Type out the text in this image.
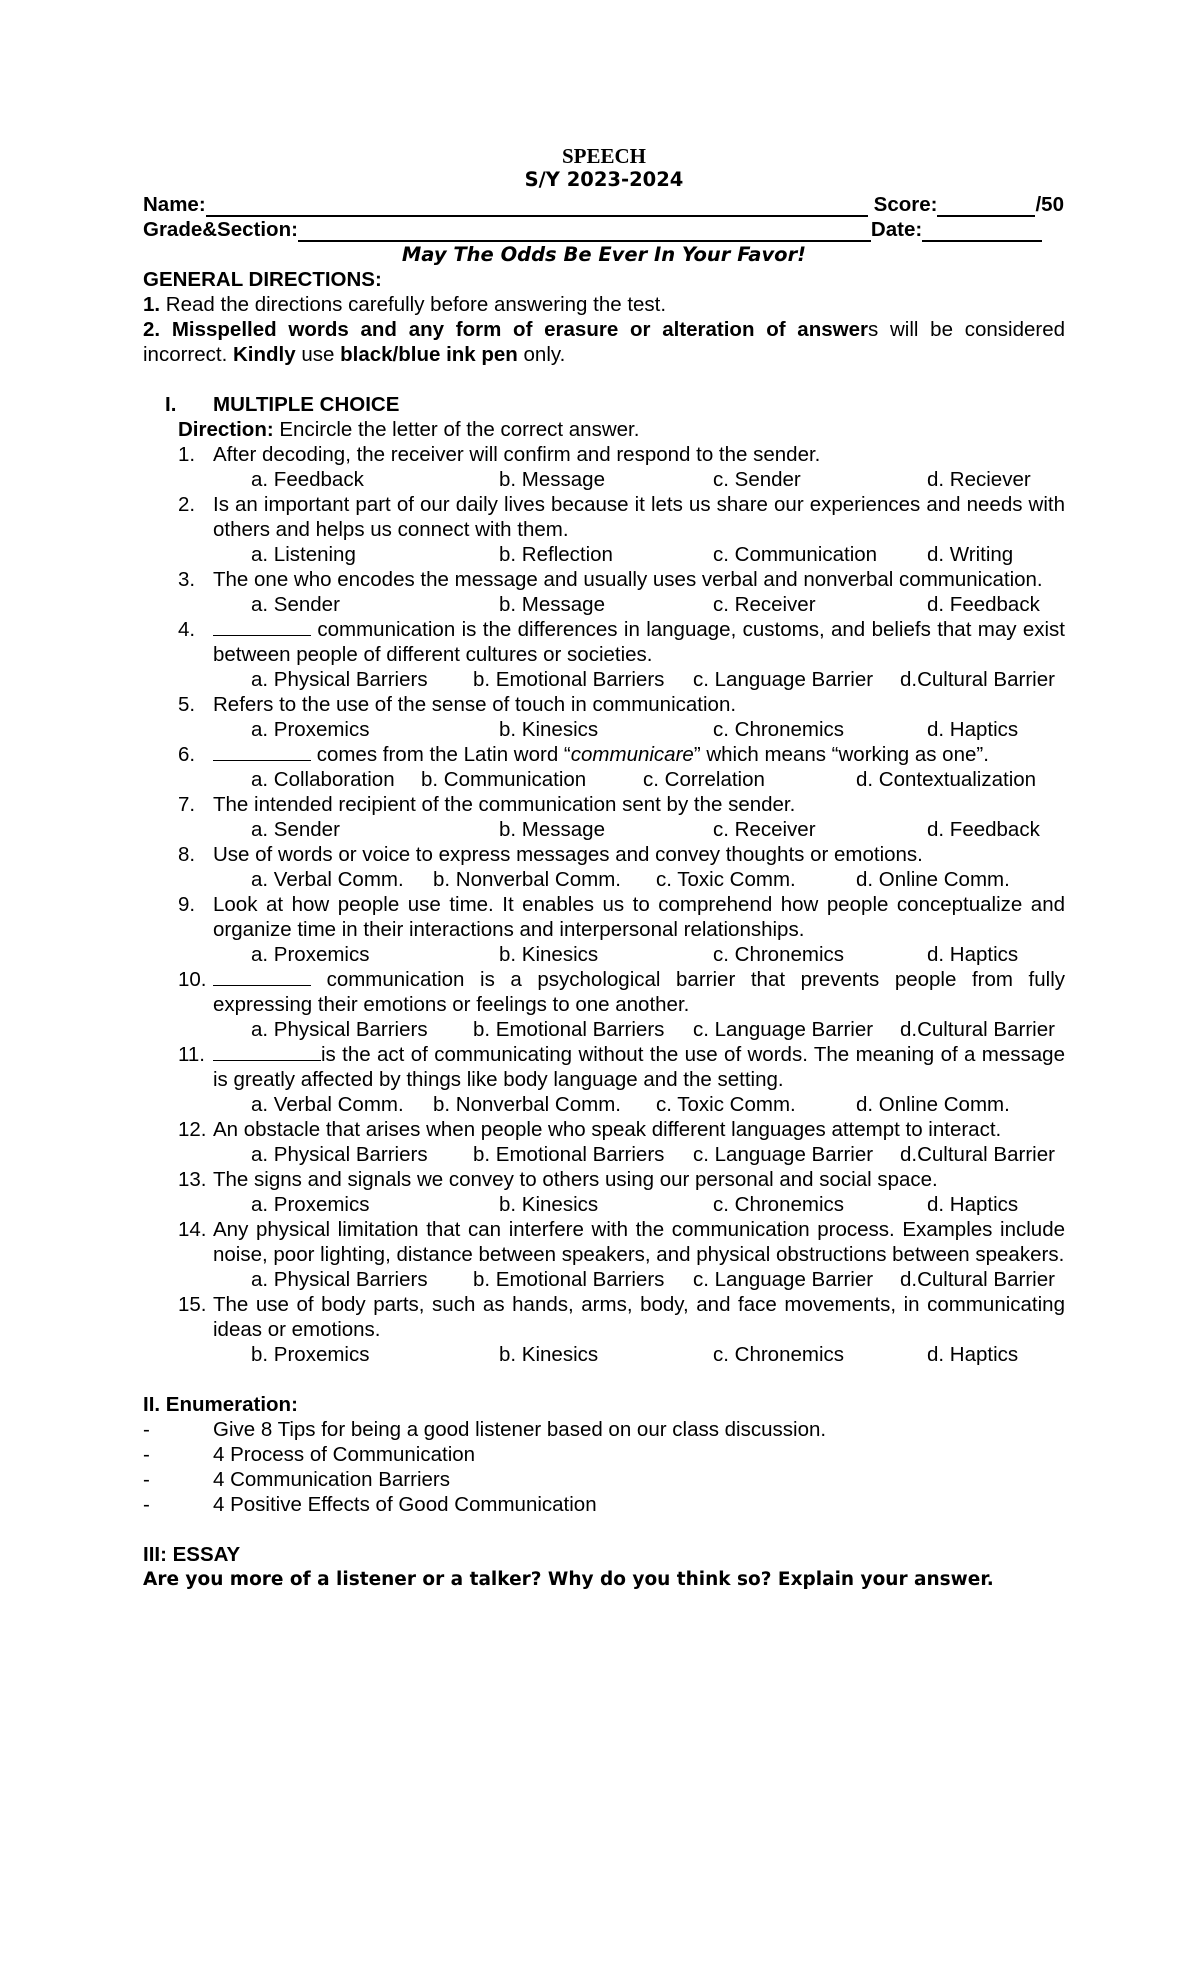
SPEECH
S/Y 2023-2024
Name:	Score:	/50
Grade&Section:	Date:
May The Odds Be Ever In Your Favor!
GENERAL DIRECTIONS:
1. Read the directions carefully before answering the test.
2. Misspelled words and any form of erasure or alteration of answers will be considered incorrect. Kindly use black/blue ink pen only.
I.	MULTIPLE CHOICE
Direction: Encircle the letter of the correct answer.
1. After decoding, the receiver will confirm and respond to the sender.
a. Feedback	b. Message	c. Sender	d. Reciever
2. Is an important part of our daily lives because it lets us share our experiences and needs with others and helps us connect with them.
a. Listening	b. Reflection	c. Communication d. Writing
3. The one who encodes the message and usually uses verbal and nonverbal communication.
a. Sender	b. Message	c. Receiver	d. Feedback
4.	communication is the differences in language, customs, and beliefs that may exist between people of different cultures or societies.
a. Physical Barriers b. Emotional Barriers c. Language Barrier d.Cultural Barrier
5. Refers to the use of the sense of touch in communication.
a. Proxemics	b. Kinesics	c. Chronemics	d. Haptics
6.	comes from the Latin word “communicare” which means “working as one”.
a. Collaboration b. Communication	c. Correlation	d. Contextualization
7. The intended recipient of the communication sent by the sender.
a. Sender	b. Message	c. Receiver	d. Feedback
8. Use of words or voice to express messages and convey thoughts or emotions.
a. Verbal Comm. b. Nonverbal Comm. c. Toxic Comm.	d. Online Comm.
9. Look at how people use time. It enables us to comprehend how people conceptualize and organize time in their interactions and interpersonal relationships.
a. Proxemics	b. Kinesics	c. Chronemics	d. Haptics
10.	communication is a psychological barrier that prevents people from fully expressing their emotions or feelings to one another.
a. Physical Barriers b. Emotional Barriers c. Language Barrier d.Cultural Barrier
11.	is the act of communicating without the use of words. The meaning of a message is greatly affected by things like body language and the setting.
a. Verbal Comm. b. Nonverbal Comm. c. Toxic Comm.	d. Online Comm.
12. An obstacle that arises when people who speak different languages attempt to interact.
a. Physical Barriers b. Emotional Barriers c. Language Barrier d.Cultural Barrier
13. The signs and signals we convey to others using our personal and social space.
a. Proxemics	b. Kinesics	c. Chronemics	d. Haptics
14. Any physical limitation that can interfere with the communication process. Examples include noise, poor lighting, distance between speakers, and physical obstructions between speakers.
a. Physical Barriers b. Emotional Barriers c. Language Barrier d.Cultural Barrier
15. The use of body parts, such as hands, arms, body, and face movements, in communicating ideas or emotions.
b. Proxemics	b. Kinesics	c. Chronemics	d. Haptics
II. Enumeration:
-	Give 8 Tips for being a good listener based on our class discussion.
-	4 Process of Communication
-	4 Communication Barriers
-	4 Positive Effects of Good Communication
III: ESSAY
Are you more of a listener or a talker? Why do you think so? Explain your answer.
